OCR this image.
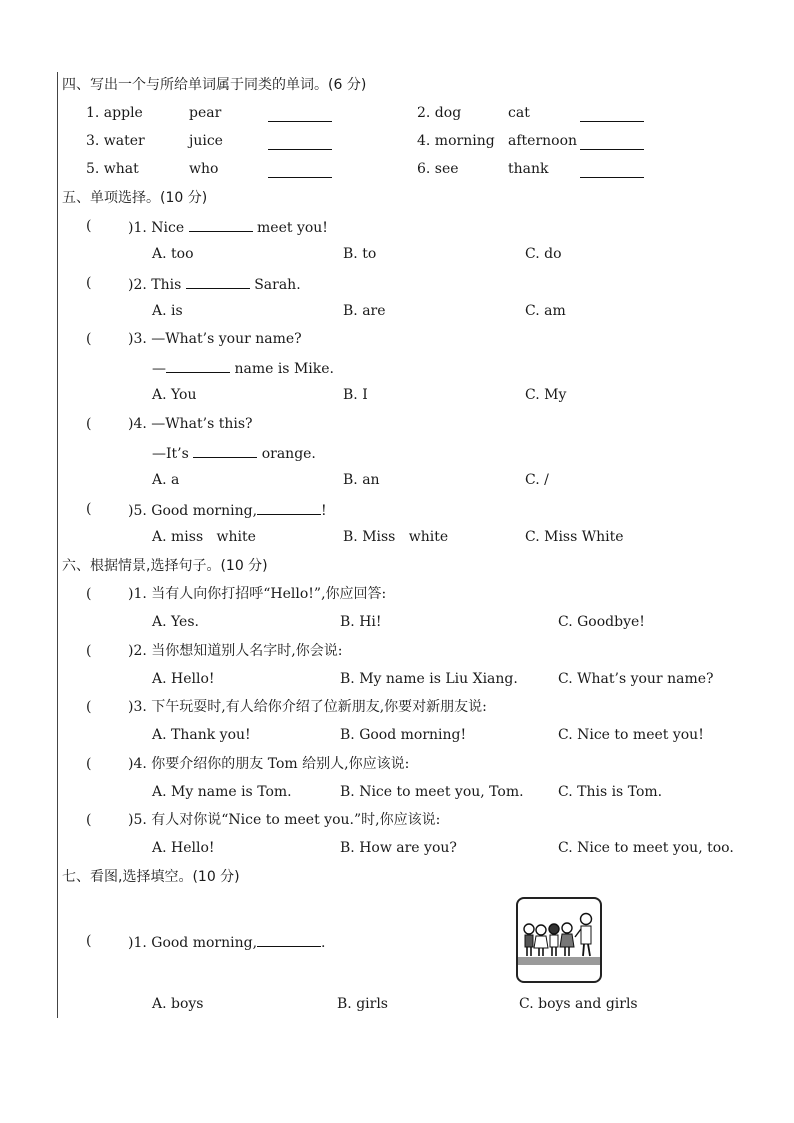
四、写出一个与所给单词属于同类的单词。(6 分)
1. apple	pear	2. dog	cat
3. water	juice	4. morning afternoon
5. what	who	6. see	thank
五、单项选择。(10 分)
(	)1. Nice	meet you!
A. too	B. to	C. do
(	)2. This	Sarah.
A. is	B. are	C. am
(	)3. —What’s your name?
—	name is Mike.
A. You	B. I	C. My
(	)4. —What’s this?
—It’s	orange.
A. a	B. an	C. /
(	)5. Good morning,	!
A. miss   white	B. Miss   white	C. Miss White
六、根据情景,选择句子。(10 分)
(	)1. 当有人向你打招呼“Hello!”,你应回答:
A. Yes.	B. Hi!	C. Goodbye!
(	)2. 当你想知道别人名字时,你会说:
A. Hello!	B. My name is Liu Xiang.	C. What’s your name?
(	)3. 下午玩耍时,有人给你介绍了位新朋友,你要对新朋友说:
A. Thank you!	B. Good morning!	C. Nice to meet you!
(	)4. 你要介绍你的朋友 Tom 给别人,你应该说:
A. My name is Tom.	B. Nice to meet you, Tom. C. This is Tom.
(	)5. 有人对你说“Nice to meet you.”时,你应该说:
A. Hello!	B. How are you?	C. Nice to meet you, too.
七、看图,选择填空。(10 分)
(	)1. Good morning,	.
A. boys	B. girls	C. boys and girls
